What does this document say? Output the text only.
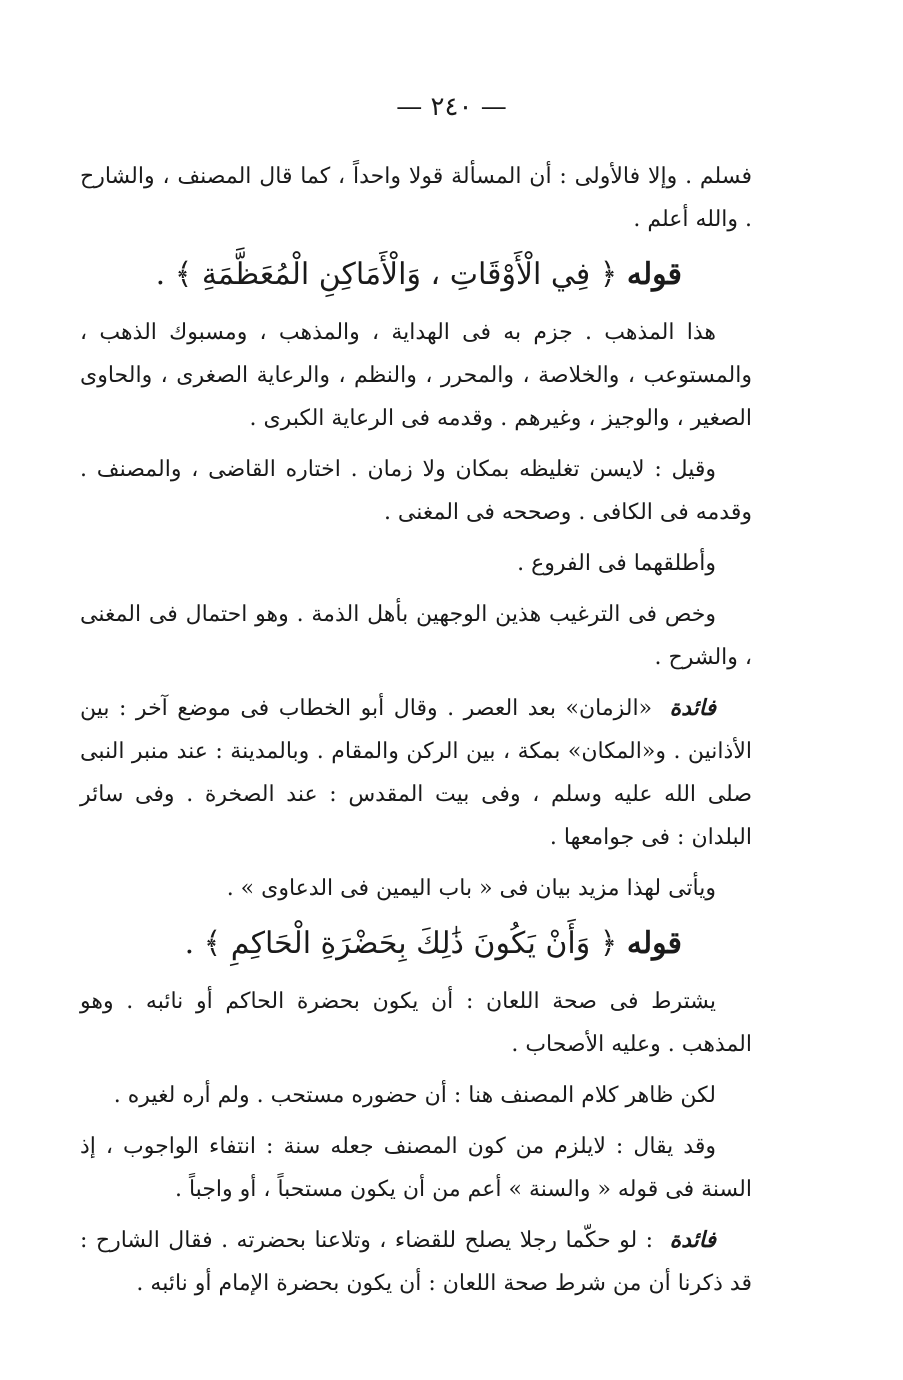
— ٢٤٠ —

فسلم . وإلا فالأولى : أن المسألة قولا واحداً ، كما قال المصنف ، والشارح . والله أعلم .

قوله ﴿ فِي الْأَوْقَاتِ ، وَالْأَمَاكِنِ الْمُعَظَّمَةِ ﴾ .

هذا المذهب . جزم به فى الهداية ، والمذهب ، ومسبوك الذهب ، والمستوعب ، والخلاصة ، والمحرر ، والنظم ، والرعاية الصغرى ، والحاوى الصغير ، والوجيز ، وغيرهم . وقدمه فى الرعاية الكبرى .

وقيل : لايسن تغليظه بمكان ولا زمان . اختاره القاضى ، والمصنف . وقدمه فى الكافى . وصححه فى المغنى .

وأطلقهما فى الفروع .

وخص فى الترغيب هذين الوجهين بأهل الذمة . وهو احتمال فى المغنى ، والشرح .

فائدة «الزمان» بعد العصر . وقال أبو الخطاب فى موضع آخر : بين الأذانين . و«المكان» بمكة ، بين الركن والمقام . وبالمدينة : عند منبر النبى صلى الله عليه وسلم ، وفى بيت المقدس : عند الصخرة . وفى سائر البلدان : فى جوامعها .

ويأتى لهذا مزيد بيان فى « باب اليمين فى الدعاوى » .

قوله ﴿ وَأَنْ يَكُونَ ذَٰلِكَ بِحَضْرَةِ الْحَاكِمِ ﴾ .

يشترط فى صحة اللعان : أن يكون بحضرة الحاكم أو نائبه . وهو المذهب . وعليه الأصحاب .

لكن ظاهر كلام المصنف هنا : أن حضوره مستحب . ولم أره لغيره .

وقد يقال : لايلزم من كون المصنف جعله سنة : انتفاء الواجوب ، إذ السنة فى قوله « والسنة » أعم من أن يكون مستحباً ، أو واجباً .

فائدة : لو حكّما رجلا يصلح للقضاء ، وتلاعنا بحضرته . فقال الشارح : قد ذكرنا أن من شرط صحة اللعان : أن يكون بحضرة الإمام أو نائبه .
